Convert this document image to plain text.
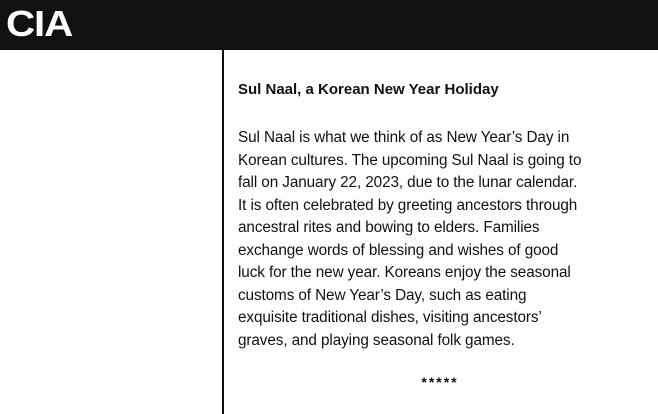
CIA
Sul Naal, a Korean New Year Holiday

Sul Naal is what we think of as New Year’s Day in
Korean cultures. The upcoming Sul Naal is going to
fall on January 22, 2023, due to the lunar calendar.
It is often celebrated by greeting ancestors through
ancestral rites and bowing to elders. Families
exchange words of blessing and wishes of good
luck for the new year. Koreans enjoy the seasonal
customs of New Year’s Day, such as eating
exquisite traditional dishes, visiting ancestors’
graves, and playing seasonal folk games.

*****
